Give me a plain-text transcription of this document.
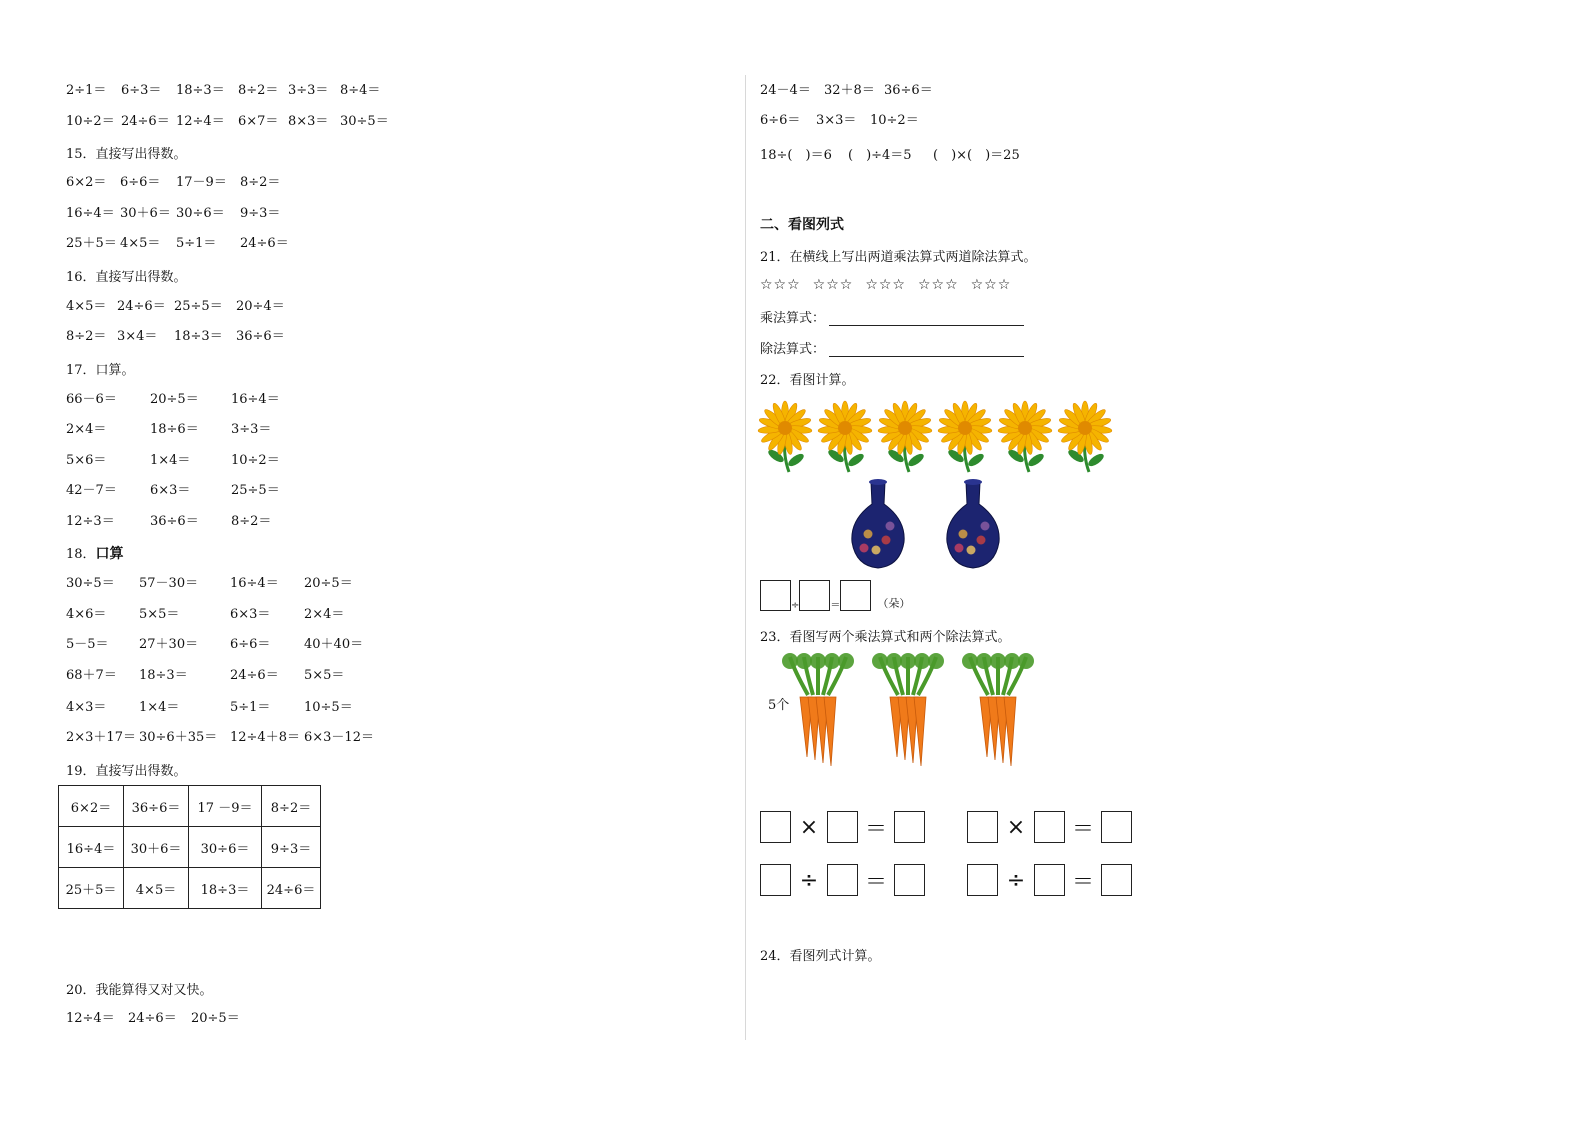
2÷1＝ 6÷3＝ 18÷3＝ 8÷2＝ 3÷3＝ 8÷4＝
10÷2＝ 24÷6＝ 12÷4＝ 6×7＝ 8×3＝ 30÷5＝
15．直接写出得数。
6×2＝ 6÷6＝ 17－9＝ 8÷2＝
16÷4＝ 30＋6＝ 30÷6＝ 9÷3＝
25＋5＝ 4×5＝ 5÷1＝ 24÷6＝
16．直接写出得数。
4×5＝ 24÷6＝ 25÷5＝ 20÷4＝
8÷2＝ 3×4＝ 18÷3＝ 36÷6＝
17．口算。
66－6＝	20÷5＝ 16÷4＝
2×4＝	18÷6＝ 3÷3＝
5×6＝	1×4＝	10÷2＝
42－7＝	6×3＝	25÷5＝
12÷3＝	36÷6＝ 8÷2＝
18．口算
30÷5＝ 57－30＝ 16÷4＝ 20÷5＝
4×6＝	5×5＝	6×3＝	2×4＝
5－5＝ 27＋30＝ 6÷6＝	40＋40＝
68＋7＝ 18÷3＝	24÷6＝ 5×5＝
4×3＝	1×4＝	5÷1＝	10÷5＝
2×3＋17＝ 30÷6＋35＝ 12÷4＋8＝ 6×3－12＝
19．直接写出得数。
6×2＝	36÷6＝	17 －9＝	8÷2＝
16÷4＝	30＋6＝	30÷6＝	9÷3＝
25＋5＝	4×5＝	18÷3＝	24÷6＝
20．我能算得又对又快。
12÷4＝ 24÷6＝ 20÷5＝
24－4＝ 32＋8＝ 36÷6＝
6÷6＝ 3×3＝ 10÷2＝
18÷(　)＝6 (　)÷4＝5 (　)×(　)＝25
二、看图列式
21．在横线上写出两道乘法算式两道除法算式。
☆☆☆ ☆☆☆ ☆☆☆ ☆☆☆ ☆☆☆
乘法算式：
除法算式：
22．看图计算。
÷	＝	（朵）
23．看图写两个乘法算式和两个除法算式。
5个
× ＝	× ＝
÷ ＝	÷ ＝
24．看图列式计算。
